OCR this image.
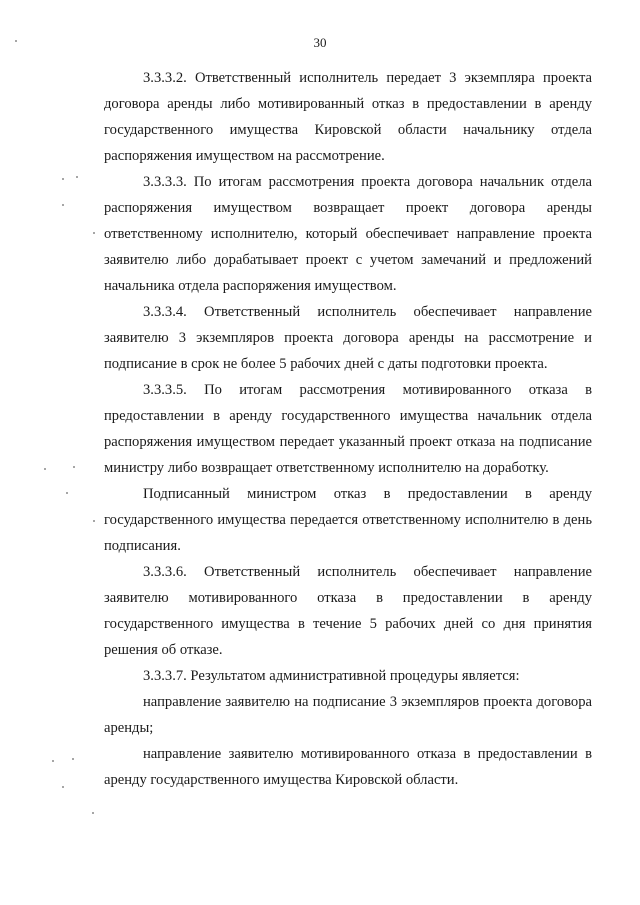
30

3.3.3.2. Ответственный исполнитель передает 3 экземпляра проекта договора аренды либо мотивированный отказ в предоставлении в аренду государственного имущества Кировской области начальнику отдела распоряжения имуществом на рассмотрение.

3.3.3.3. По итогам рассмотрения проекта договора начальник отдела распоряжения имуществом возвращает проект договора аренды ответственному исполнителю, который обеспечивает направление проекта заявителю либо дорабатывает проект с учетом замечаний и предложений начальника отдела распоряжения имуществом.

3.3.3.4. Ответственный исполнитель обеспечивает направление заявителю 3 экземпляров проекта договора аренды на рассмотрение и подписание в срок не более 5 рабочих дней с даты подготовки проекта.

3.3.3.5. По итогам рассмотрения мотивированного отказа в предоставлении в аренду государственного имущества начальник отдела распоряжения имуществом передает указанный проект отказа на подписание министру либо возвращает ответственному исполнителю на доработку.

Подписанный министром отказ в предоставлении в аренду государственного имущества передается ответственному исполнителю в день подписания.

3.3.3.6. Ответственный исполнитель обеспечивает направление заявителю мотивированного отказа в предоставлении в аренду государственного имущества в течение 5 рабочих дней со дня принятия решения об отказе.

3.3.3.7. Результатом административной процедуры является:

направление заявителю на подписание 3 экземпляров проекта договора аренды;

направление заявителю мотивированного отказа в предоставлении в аренду государственного имущества Кировской области.
